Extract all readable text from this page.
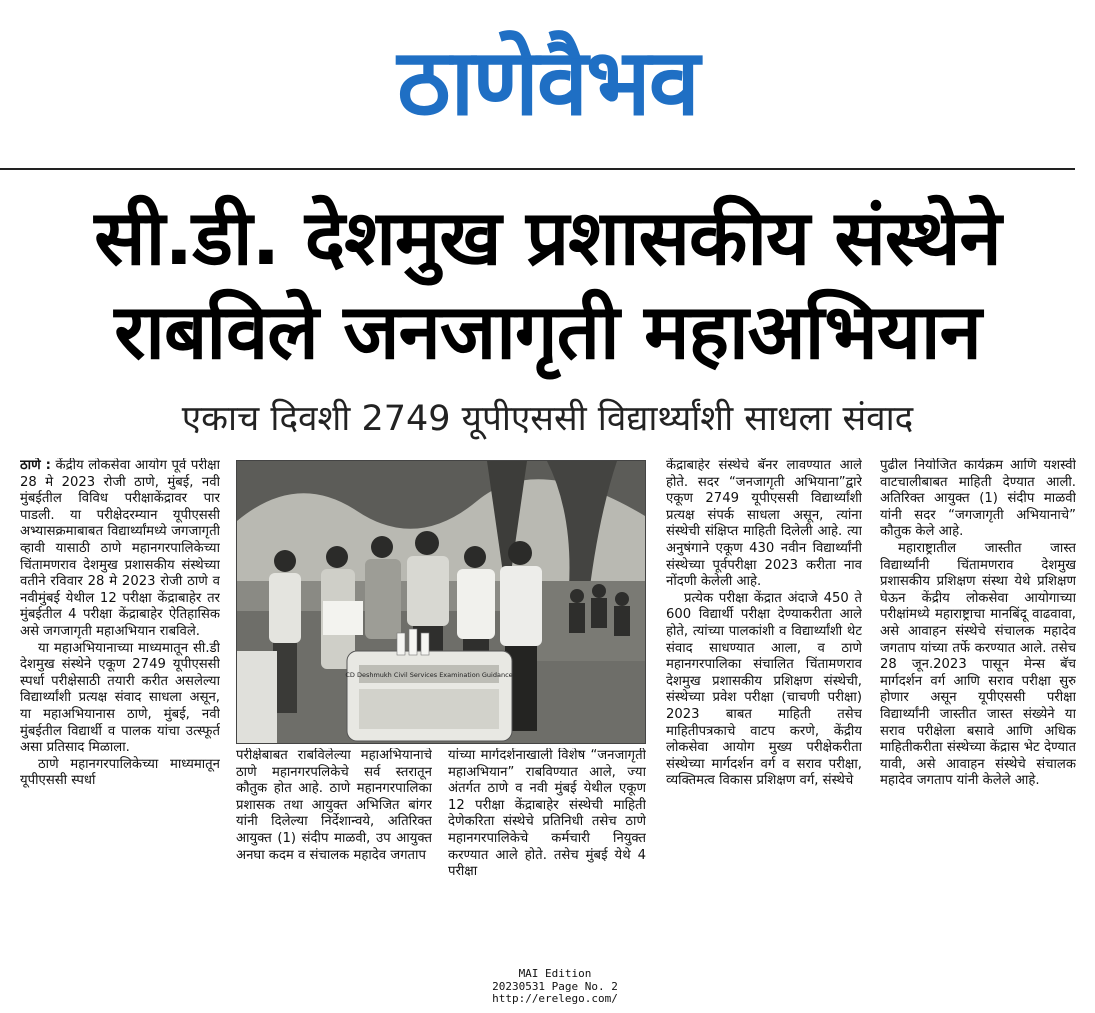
ठाणेवैभव
सी.डी. देशमुख प्रशासकीय संस्थेने
राबविले जनजागृती महाअभियान
एकाच दिवशी 2749 यूपीएससी विद्यार्थ्यांशी साधला संवाद

ठाणे : केंद्रीय लोकसेवा आयोग पूर्व परीक्षा 28 मे 2023 रोजी ठाणे, मुंबई, नवी मुंबईतील विविध परीक्षाकेंद्रावर पार पाडली. या परीक्षेदरम्यान यूपीएससी अभ्यासक्रमाबाबत विद्यार्थ्यांमध्ये जगजागृती व्हावी यासाठी ठाणे महानगरपालिकेच्या चिंतामणराव देशमुख प्रशासकीय संस्थेच्या वतीने रविवार 28 मे 2023 रोजी ठाणे व नवीमुंबई येथील 12 परीक्षा केंद्राबाहेर तर मुंबईतील 4 परीक्षा केंद्राबाहेर ऐतिहासिक असे जगजागृती महाअभियान राबविले.

या महाअभियानाच्या माध्यमातून सी.डी देशमुख संस्थेने एकूण 2749 यूपीएससी स्पर्धा परीक्षेसाठी तयारी करीत असलेल्या विद्यार्थ्यांशी प्रत्यक्ष संवाद साधला असून, या महाअभियानास ठाणे, मुंबई, नवी मुंबईतील विद्यार्थी व पालक यांचा उत्स्फूर्त असा प्रतिसाद मिळाला.

ठाणे महानगरपालिकेच्या माध्यमातून यूपीएससी स्पर्धा

CD Deshmukh Civil Services Examination Guidance
परीक्षेबाबत राबविलेल्या महाअभियानाचे ठाणे महानगरपलिकेचे सर्व स्तरातून कौतुक होत आहे. ठाणे महानगरपालिका प्रशासक तथा आयुक्त अभिजित बांगर यांनी दिलेल्या निर्देशान्वये, अतिरिक्त आयुक्त (1) संदीप माळवी, उप आयुक्त अनघा कदम व संचालक महादेव जगताप
यांच्या मार्गदर्शनाखाली विशेष “जनजागृती महाअभियान” राबविण्यात आले, ज्या अंतर्गत ठाणे व नवी मुंबई येथील एकूण 12 परीक्षा केंद्राबाहेर संस्थेची माहिती देणेकरिता संस्थेचे प्रतिनिधी तसेच ठाणे महानगरपालिकेचे कर्मचारी नियुक्त करण्यात आले होते. तसेच मुंबई येथे 4 परीक्षा

केंद्राबाहेर संस्थेचे बॅनर लावण्यात आले होते. सदर “जनजागृती अभियाना”द्वारे एकूण 2749 यूपीएससी विद्यार्थ्यांशी प्रत्यक्ष संपर्क साधला असून, त्यांना संस्थेची संक्षिप्त माहिती दिलेली आहे. त्या अनुषंगाने एकूण 430 नवीन विद्यार्थ्यांनी संस्थेच्या पूर्वपरीक्षा 2023 करीता नाव नोंदणी केलेली आहे.

प्रत्येक परीक्षा केंद्रात अंदाजे 450 ते 600 विद्यार्थी परीक्षा देण्याकरीता आले होते, त्यांच्या पालकांशी व विद्यार्थ्यांशी थेट संवाद साधण्यात आला, व ठाणे महानगरपालिका संचालित चिंतामणराव देशमुख प्रशासकीय प्रशिक्षण संस्थेची, संस्थेच्या प्रवेश परीक्षा (चाचणी परीक्षा) 2023 बाबत माहिती तसेच माहितीपत्रकाचे वाटप करणे, केंद्रीय लोकसेवा आयोग मुख्य परीक्षेकरीता संस्थेच्या मार्गदर्शन वर्ग व सराव परीक्षा, व्यक्तिमत्व विकास प्रशिक्षण वर्ग, संस्थेचे

पुढील नियोजित कार्यक्रम आणि यशस्वी वाटचालीबाबत माहिती देण्यात आली. अतिरिक्त आयुक्त (1) संदीप माळवी यांनी सदर “जगजागृती अभियानाचे” कौतुक केले आहे.

महाराष्ट्रातील जास्तीत जास्त विद्यार्थ्यांनी चिंतामणराव देशमुख प्रशासकीय प्रशिक्षण संस्था येथे प्रशिक्षण घेऊन केंद्रीय लोकसेवा आयोगाच्या परीक्षांमध्ये महाराष्ट्राचा मानबिंदू वाढवावा, असे आवाहन संस्थेचे संचालक महादेव जगताप यांच्या तर्फे करण्यात आले. तसेच 28 जून.2023 पासून मेन्स बॅच मार्गदर्शन वर्ग आणि सराव परीक्षा सुरु होणार असून यूपीएससी परीक्षा विद्यार्थ्यांनी जास्तीत जास्त संख्येने या सराव परीक्षेला बसावे आणि अधिक माहितीकरीता संस्थेच्या केंद्रास भेट देण्यात यावी, असे आवाहन संस्थेचे संचालक महादेव जगताप यांनी केलेले आहे.

MAI Edition
20230531 Page No. 2
http://erelego.com/
